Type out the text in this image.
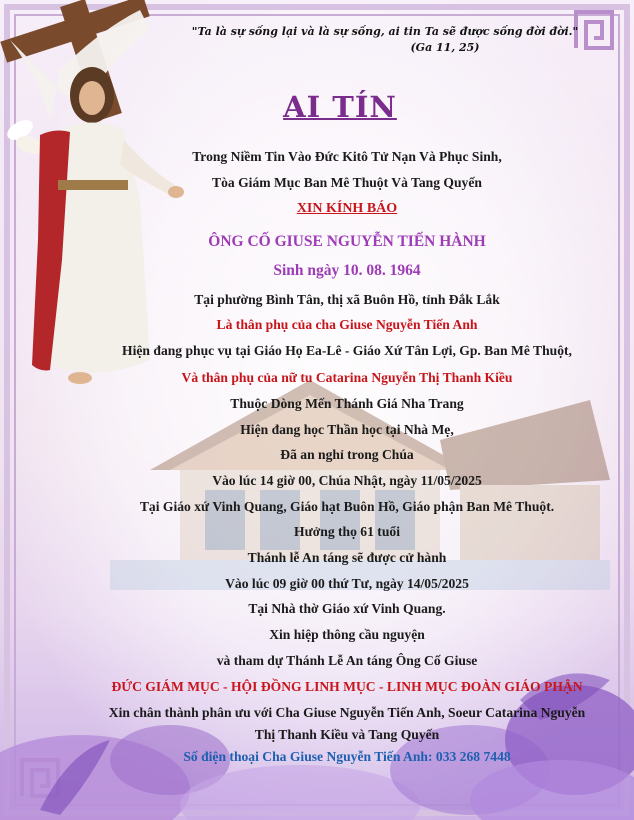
"Ta là sự sống lại và là sự sống, ai tin Ta sẽ được sống đời đời."
(Ga 11, 25)
AI TÍN
Trong Niềm Tin Vào Đức Kitô Tử Nạn Và Phục Sinh,
Tòa Giám Mục Ban Mê Thuột Và Tang Quyến
XIN KÍNH BÁO
ÔNG CỐ GIUSE NGUYỄN TIẾN HÀNH
Sinh ngày 10. 08. 1964
Tại phường Bình Tân, thị xã Buôn Hồ, tỉnh Đắk Lắk
Là thân phụ của cha Giuse Nguyễn Tiến Anh
Hiện đang phục vụ tại Giáo Họ Ea-Lê - Giáo Xứ Tân Lợi, Gp. Ban Mê Thuột,
Và thân phụ của nữ tu Catarina Nguyễn Thị Thanh Kiều
Thuộc Dòng Mến Thánh Giá Nha Trang
Hiện đang học Thần học tại Nhà Mẹ,
Đã an nghỉ trong Chúa
Vào lúc 14 giờ 00, Chúa Nhật, ngày 11/05/2025
Tại Giáo xứ Vinh Quang, Giáo hạt Buôn Hồ, Giáo phận Ban Mê Thuột.
Hưởng thọ 61 tuổi
Thánh lễ An táng sẽ được cử hành
Vào lúc 09 giờ 00 thứ Tư, ngày 14/05/2025
Tại Nhà thờ Giáo xứ Vinh Quang.
Xin hiệp thông cầu nguyện
và tham dự Thánh Lễ An táng Ông Cố Giuse
ĐỨC GIÁM MỤC - HỘI ĐỒNG LINH MỤC - LINH MỤC ĐOÀN GIÁO PHẬN
Xin chân thành phân ưu với Cha Giuse Nguyễn Tiến Anh, Soeur Catarina Nguyễn
Thị Thanh Kiều và Tang Quyến
Số điện thoại Cha Giuse Nguyễn Tiến Anh: 033 268 7448
